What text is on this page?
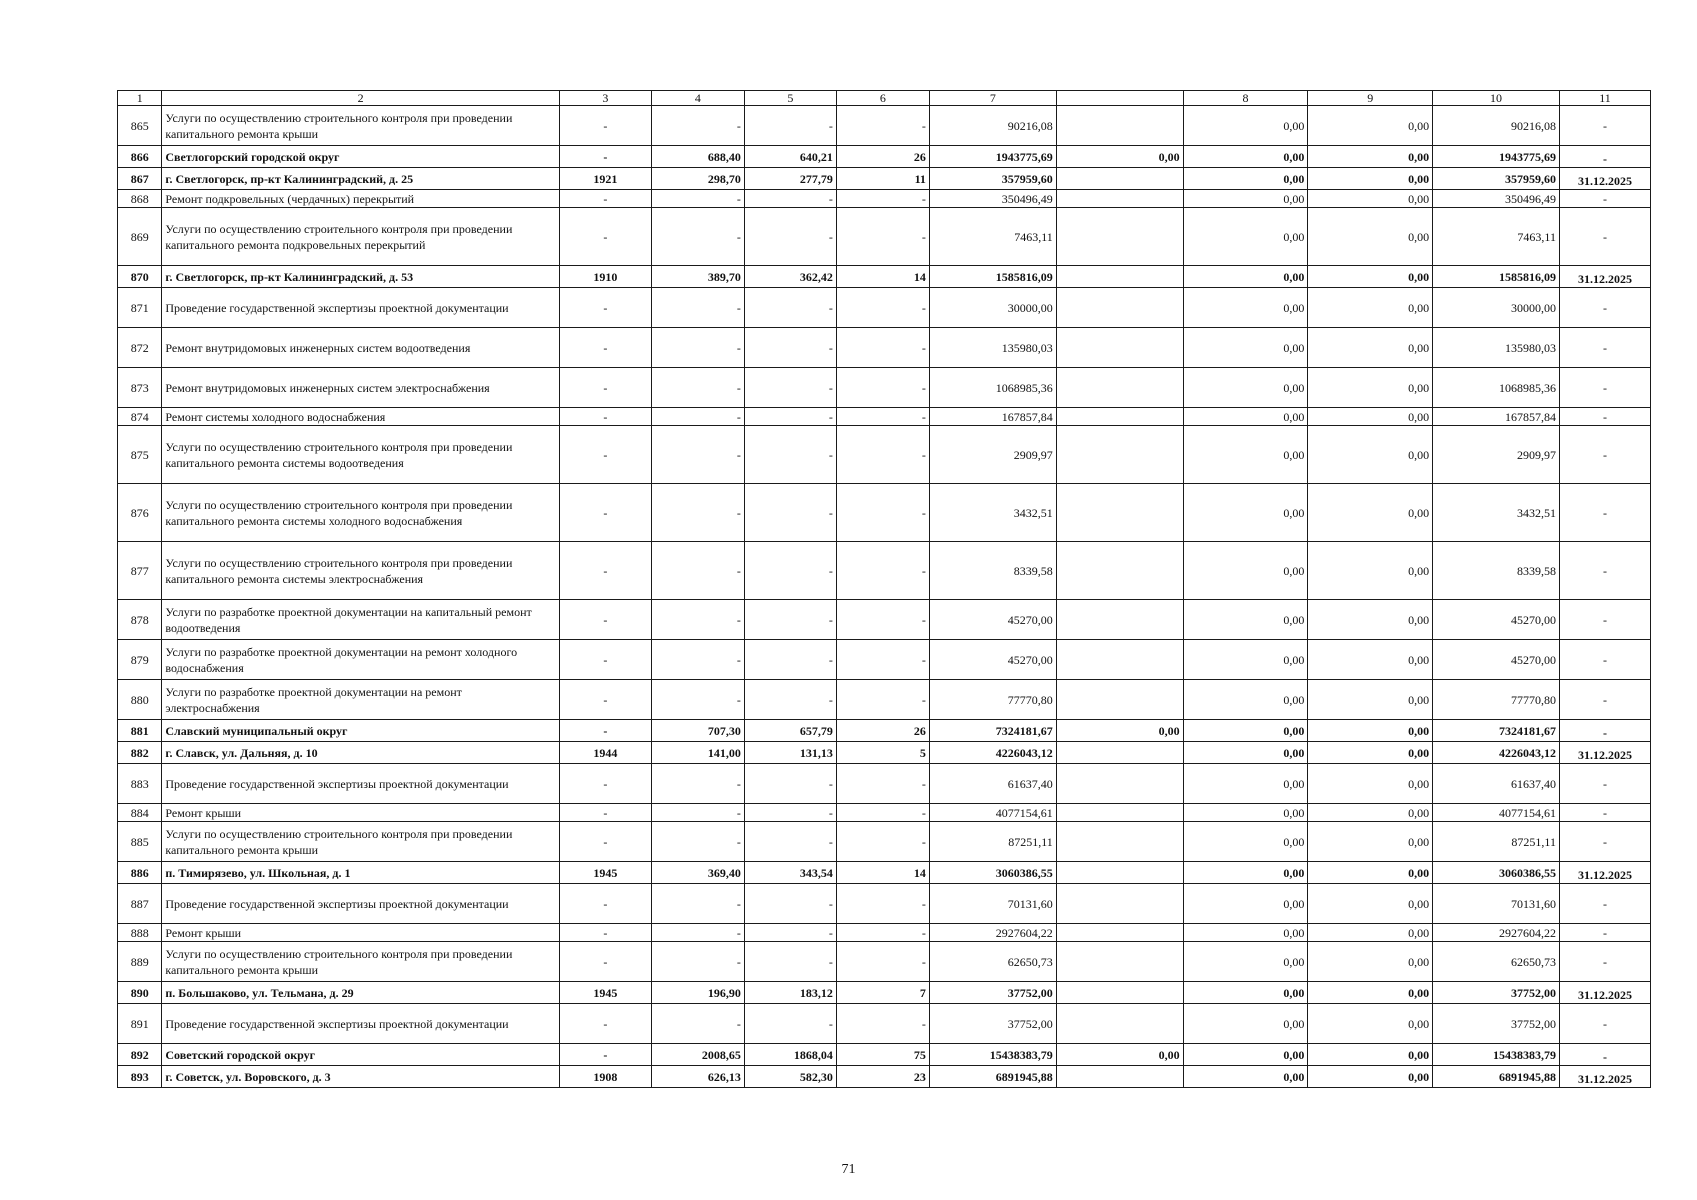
1	2	3	4	5	6	7		8	9	10	11
865	Услуги по осуществлению строительного контроля при проведении капитального ремонта крыши	-	-	-	-	90216,08		0,00	0,00	90216,08	-
866	Светлогорский городской округ	-	688,40	640,21	26	1943775,69	0,00	0,00	0,00	1943775,69	-
867	г. Светлогорск, пр-кт Калининградский, д. 25	1921	298,70	277,79	11	357959,60		0,00	0,00	357959,60	31.12.2025
868	Ремонт подкровельных (чердачных) перекрытий	-	-	-	-	350496,49		0,00	0,00	350496,49	-
869	Услуги по осуществлению строительного контроля при проведении капитального ремонта подкровельных перекрытий	-	-	-	-	7463,11		0,00	0,00	7463,11	-
870	г. Светлогорск, пр-кт Калининградский, д. 53	1910	389,70	362,42	14	1585816,09		0,00	0,00	1585816,09	31.12.2025
871	Проведение государственной экспертизы проектной документации	-	-	-	-	30000,00		0,00	0,00	30000,00	-
872	Ремонт внутридомовых инженерных систем водоотведения	-	-	-	-	135980,03		0,00	0,00	135980,03	-
873	Ремонт внутридомовых инженерных систем электроснабжения	-	-	-	-	1068985,36		0,00	0,00	1068985,36	-
874	Ремонт системы холодного водоснабжения	-	-	-	-	167857,84		0,00	0,00	167857,84	-
875	Услуги по осуществлению строительного контроля при проведении капитального ремонта системы водоотведения	-	-	-	-	2909,97		0,00	0,00	2909,97	-
876	Услуги по осуществлению строительного контроля при проведении капитального ремонта системы холодного водоснабжения	-	-	-	-	3432,51		0,00	0,00	3432,51	-
877	Услуги по осуществлению строительного контроля при проведении капитального ремонта системы электроснабжения	-	-	-	-	8339,58		0,00	0,00	8339,58	-
878	Услуги по разработке проектной документации на капитальный ремонт водоотведения	-	-	-	-	45270,00		0,00	0,00	45270,00	-
879	Услуги по разработке проектной документации на ремонт холодного водоснабжения	-	-	-	-	45270,00		0,00	0,00	45270,00	-
880	Услуги по разработке проектной документации на ремонт электроснабжения	-	-	-	-	77770,80		0,00	0,00	77770,80	-
881	Славский муниципальный округ	-	707,30	657,79	26	7324181,67	0,00	0,00	0,00	7324181,67	-
882	г. Славск, ул. Дальняя, д. 10	1944	141,00	131,13	5	4226043,12		0,00	0,00	4226043,12	31.12.2025
883	Проведение государственной экспертизы проектной документации	-	-	-	-	61637,40		0,00	0,00	61637,40	-
884	Ремонт крыши	-	-	-	-	4077154,61		0,00	0,00	4077154,61	-
885	Услуги по осуществлению строительного контроля при проведении капитального ремонта крыши	-	-	-	-	87251,11		0,00	0,00	87251,11	-
886	п. Тимирязево, ул. Школьная, д. 1	1945	369,40	343,54	14	3060386,55		0,00	0,00	3060386,55	31.12.2025
887	Проведение государственной экспертизы проектной документации	-	-	-	-	70131,60		0,00	0,00	70131,60	-
888	Ремонт крыши	-	-	-	-	2927604,22		0,00	0,00	2927604,22	-
889	Услуги по осуществлению строительного контроля при проведении капитального ремонта крыши	-	-	-	-	62650,73		0,00	0,00	62650,73	-
890	п. Большаково, ул. Тельмана, д. 29	1945	196,90	183,12	7	37752,00		0,00	0,00	37752,00	31.12.2025
891	Проведение государственной экспертизы проектной документации	-	-	-	-	37752,00		0,00	0,00	37752,00	-
892	Советский городской округ	-	2008,65	1868,04	75	15438383,79	0,00	0,00	0,00	15438383,79	-
893	г. Советск, ул. Воровского, д. 3	1908	626,13	582,30	23	6891945,88		0,00	0,00	6891945,88	31.12.2025
71
